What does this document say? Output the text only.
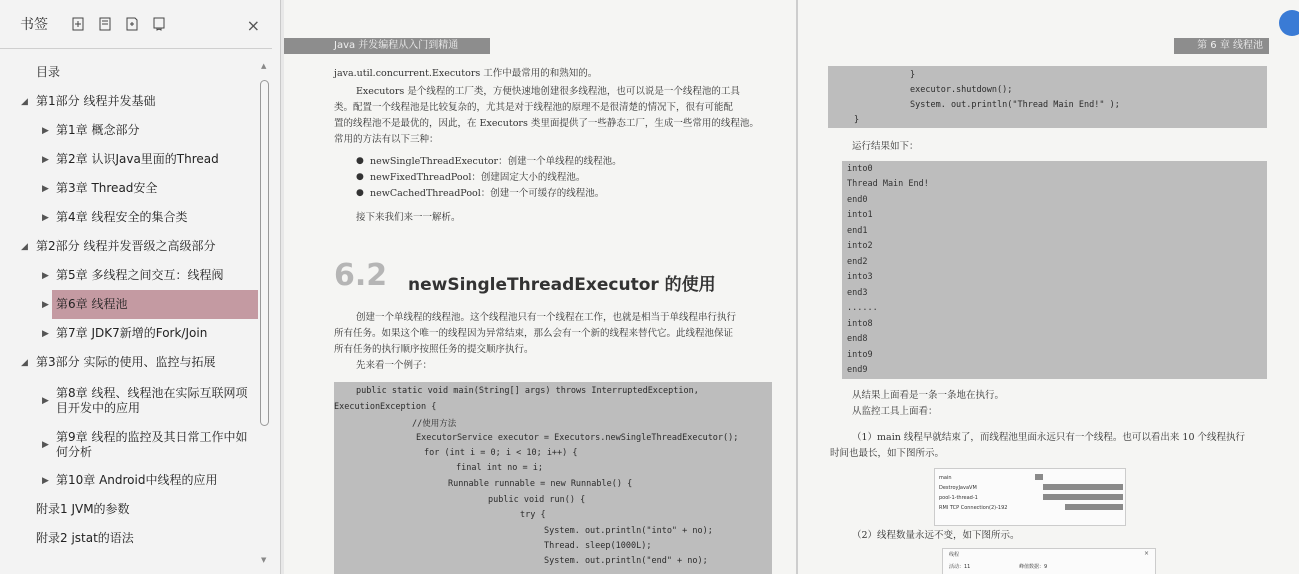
书签	×
目录
◢ 第1部分 线程并发基础
▶ 第1章 概念部分
▶ 第2章 认识Java里面的Thread
▶ 第3章 Thread安全
▶ 第4章 线程安全的集合类
◢ 第2部分 线程并发晋级之高级部分
▶ 第5章 多线程之间交互：线程阀
▶ 第6章 线程池
▶ 第7章 JDK7新增的Fork/Join
◢ 第3部分 实际的使用、监控与拓展
▶
第8章 线程、线程池在实际互联网项目开发中的应用
▶
第9章 线程的监控及其日常工作中如何分析
▶ 第10章 Android中线程的应用
附录1 JVM的参数
附录2 jstat的语法
▲
▼
Java 并发编程从入门到精通
java.util.concurrent.Executors 工作中最常用的和熟知的。
Executors 是个线程的工厂类，方便快速地创建很多线程池，也可以说是一个线程池的工具
类。配置一个线程池是比较复杂的，尤其是对于线程池的原理不是很清楚的情况下，很有可能配
置的线程池不是最优的，因此，在 Executors 类里面提供了一些静态工厂，生成一些常用的线程池。
常用的方法有以下三种：
● newSingleThreadExecutor：创建一个单线程的线程池。
● newFixedThreadPool：创建固定大小的线程池。
● newCachedThreadPool：创建一个可缓存的线程池。
接下来我们来一一解析。
6.2 newSingleThreadExecutor 的使用
创建一个单线程的线程池。这个线程池只有一个线程在工作，也就是相当于单线程串行执行
所有任务。如果这个唯一的线程因为异常结束，那么会有一个新的线程来替代它。此线程池保证
所有任务的执行顺序按照任务的提交顺序执行。
先来看一个例子：
public static void main(String[] args) throws InterruptedException,
ExecutionException {
//使用方法
ExecutorService executor = Executors.newSingleThreadExecutor();
for (int i = 0; i < 10; i++) {
final int no = i;
Runnable runnable = new Runnable() {
public void run() {
try {
System. out.println("into" + no);
Thread. sleep(1000L);
System. out.println("end" + no);
第 6 章 线程池
}
executor.shutdown();
System. out.println("Thread Main End!" );
}
运行结果如下：
into0
Thread Main End!
end0
into1
end1
into2
end2
into3
end3
......
into8
end8
into9
end9
从结果上面看是一条一条地在执行。
从监控工具上面看：
（1）main 线程早就结束了，而线程池里面永远只有一个线程。也可以看出来 10 个线程执行
时间也最长，如下图所示。
main
DestroyJavaVM
pool-1-thread-1
RMI TCP Connection(2)-192
（2）线程数量永远不变，如下图所示。
线程	×
活动：11	峰值数据：9
